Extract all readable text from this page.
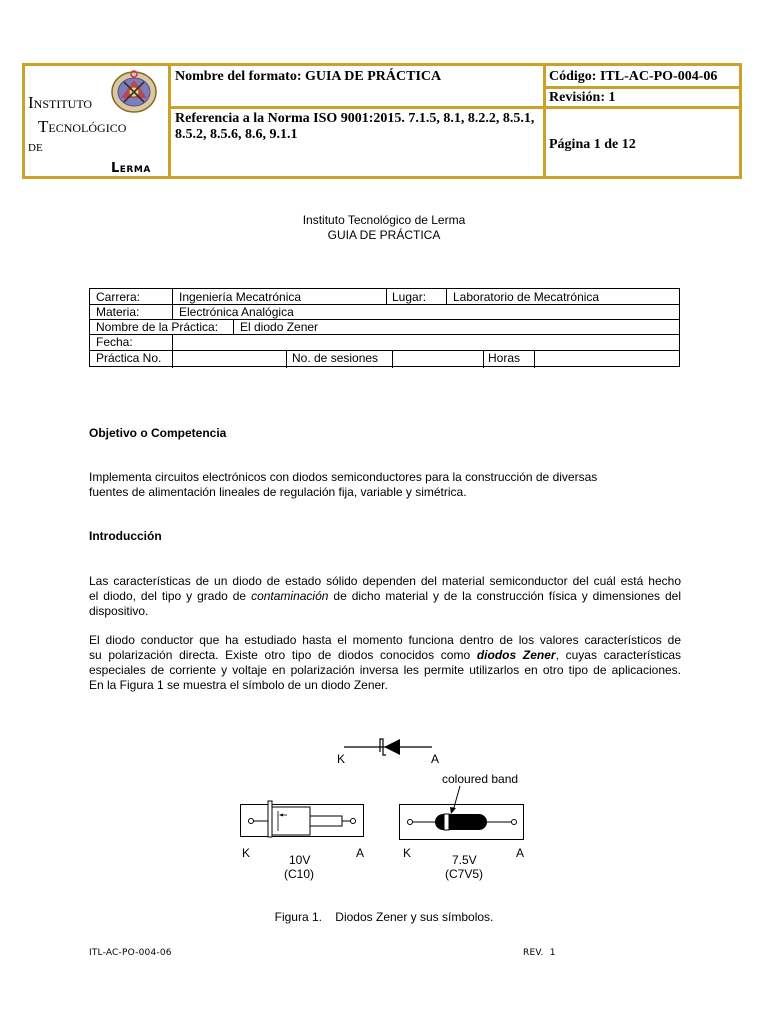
Instituto
Tecnológico
de
Lerma
Nombre del formato: GUIA DE PRÁCTICA	Código: ITL-AC-PO-004-06
Revisión: 1
Referencia a la Norma ISO 9001:2015. 7.1.5, 8.1, 8.2.2, 8.5.1,
8.5.2, 8.5.6, 8.6, 9.1.1
Página 1 de 12
Instituto Tecnológico de Lerma
GUIA DE PRÁCTICA
Carrera:	Ingeniería Mecatrónica	Lugar: Laboratorio de Mecatrónica
Materia:	Electrónica Analógica
Nombre de la Práctica: El diodo Zener
Fecha:
Práctica No.	No. de sesiones	Horas
Objetivo o Competencia
Implementa circuitos electrónicos con diodos semiconductores para la construcción de diversas
fuentes de alimentación lineales de regulación fija, variable y simétrica.
Introducción
Las características de un diodo de estado sólido dependen del material semiconductor del cuál está hecho
el diodo, del tipo y grado de contaminación de dicho material y de la construcción física y dimensiones del
dispositivo.
El diodo conductor que ha estudiado hasta el momento funciona dentro de los valores característicos de
su polarización directa. Existe otro tipo de diodos conocidos como diodos Zener, cuyas características
especiales de corriente y voltaje en polarización inversa les permite utilizarlos en otro tipo de aplicaciones.
En la Figura 1 se muestra el símbolo de un diodo Zener.
K	A
coloured band
K	A
10V
(C10)
K	A
7.5V
(C7V5)
Figura 1.    Diodos Zener y sus símbolos.
ITL-AC-PO-004-06	REV.  1
